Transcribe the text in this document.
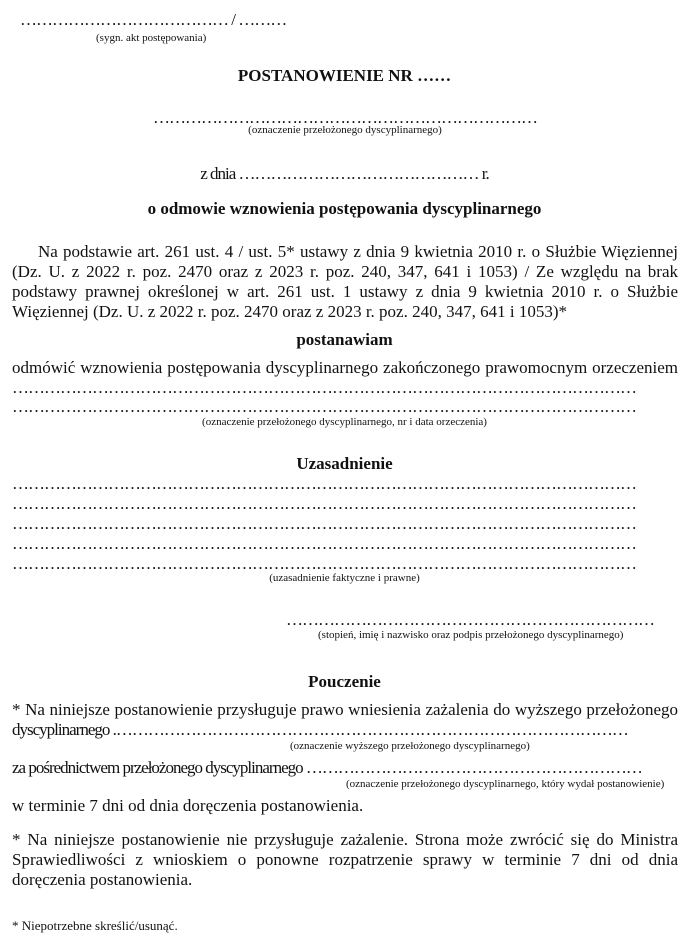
………………………………… / ………
(sygn. akt postępowania)
POSTANOWIENIE NR ……
………………………………………………………………
(oznaczenie przełożonego dyscyplinarnego)
z dnia ……………………………………… r.
o odmowie wznowienia postępowania dyscyplinarnego
Na podstawie art. 261 ust. 4 / ust. 5* ustawy z dnia 9 kwietnia 2010 r. o Służbie Więziennej (Dz. U. z 2022 r. poz. 2470 oraz z 2023 r. poz. 240, 347, 641 i 1053) / Ze względu na brak podstawy prawnej określonej w art. 261 ust. 1 ustawy z dnia 9 kwietnia 2010 r. o Służbie Więziennej (Dz. U. z 2022 r. poz. 2470 oraz z 2023 r. poz. 240, 347, 641 i 1053)*
postanawiam
odmówić wznowienia postępowania dyscyplinarnego zakończonego prawomocnym orzeczeniem
………………………………………………………………………………………………………
………………………………………………………………………………………………………
(oznaczenie przełożonego dyscyplinarnego, nr i data orzeczenia)
Uzasadnienie
………………………………………………………………………………………………………
………………………………………………………………………………………………………
………………………………………………………………………………………………………
………………………………………………………………………………………………………
………………………………………………………………………………………………………
(uzasadnienie faktyczne i prawne)
……………………………………………………………
(stopień, imię i nazwisko oraz podpis przełożonego dyscyplinarnego)
Pouczenie
* Na niniejsze postanowienie przysługuje prawo wniesienia zażalenia do wyższego przełożonego
dyscyplinarnego .……………………………………………………………………………………
(oznaczenie wyższego przełożonego dyscyplinarnego)
za pośrednictwem przełożonego dyscyplinarnego ………………………………………………………
(oznaczenie przełożonego dyscyplinarnego, który wydał postanowienie)
w terminie 7 dni od dnia doręczenia postanowienia.
* Na niniejsze postanowienie nie przysługuje zażalenie. Strona może zwrócić się do Ministra Sprawiedliwości z wnioskiem o ponowne rozpatrzenie sprawy w terminie 7 dni od dnia doręczenia postanowienia.
* Niepotrzebne skreślić/usunąć.
